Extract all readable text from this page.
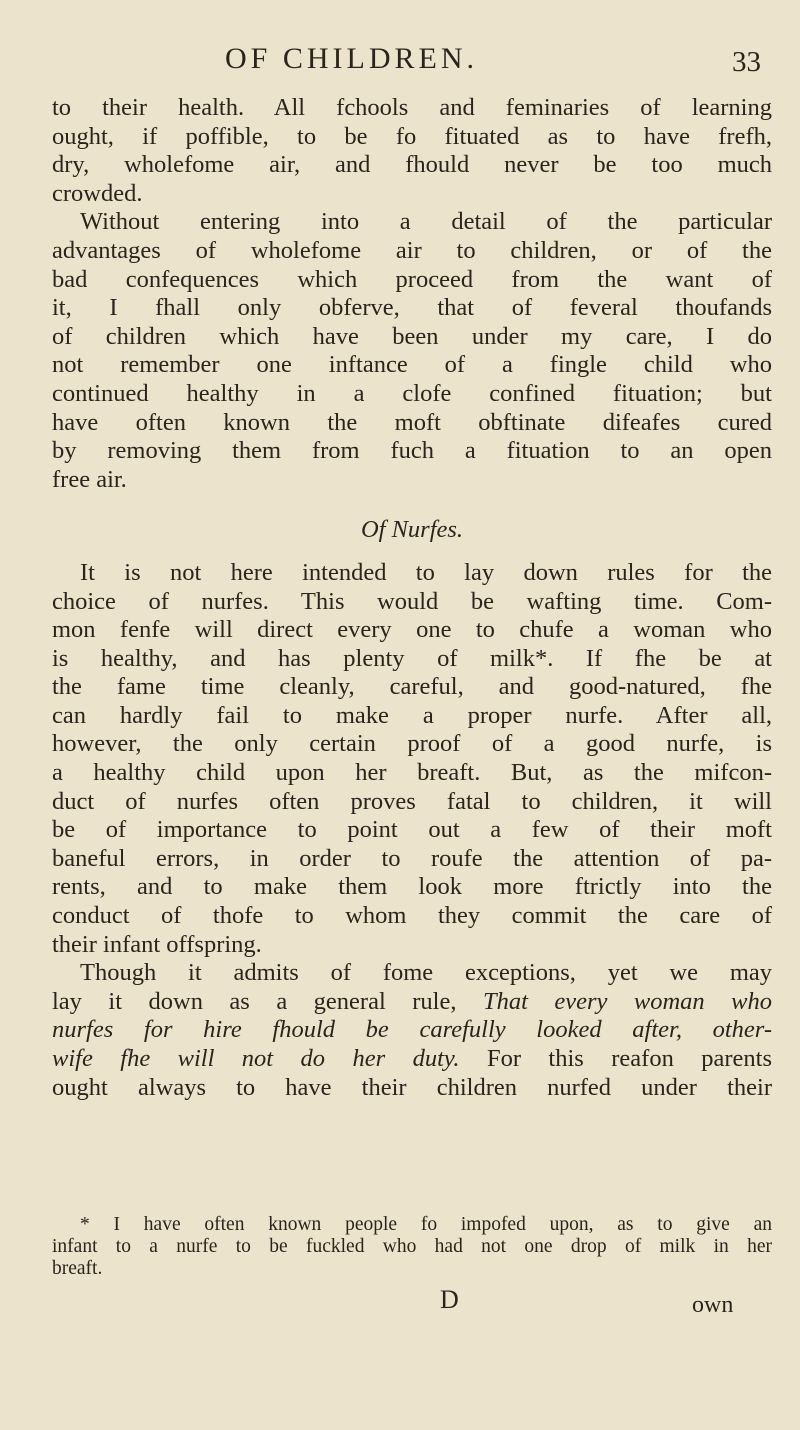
OF CHILDREN.	33

to their health. All fchools and feminaries of learning
ought, if poffible, to be fo fituated as to have frefh,
dry, wholefome air, and fhould never be too much
crowded.

Without entering into a detail of the particular
advantages of wholefome air to children, or of the
bad confequences which proceed from the want of
it, I fhall only obferve, that of feveral thoufands
of children which have been under my care, I do
not remember one inftance of a fingle child who
continued healthy in a clofe confined fituation; but
have often known the moft obftinate difeafes cured
by removing them from fuch a fituation to an open
free air.

Of Nurfes.

It is not here intended to lay down rules for the
choice of nurfes. This would be wafting time. Com-
mon fenfe will direct every one to chufe a woman who
is healthy, and has plenty of milk*. If fhe be at
the fame time cleanly, careful, and good-natured, fhe
can hardly fail to make a proper nurfe. After all,
however, the only certain proof of a good nurfe, is
a healthy child upon her breaft. But, as the mifcon-
duct of nurfes often proves fatal to children, it will
be of importance to point out a few of their moft
baneful errors, in order to roufe the attention of pa-
rents, and to make them look more ftrictly into the
conduct of thofe to whom they commit the care of
their infant offspring.

Though it admits of fome exceptions, yet we may
lay it down as a general rule, That every woman who
nurfes for hire fhould be carefully looked after, other-
wife fhe will not do her duty. For this reafon parents
ought always to have their children nurfed under their

* I have often known people fo impofed upon, as to give an
infant to a nurfe to be fuckled who had not one drop of milk in her
breaft.
D	own
